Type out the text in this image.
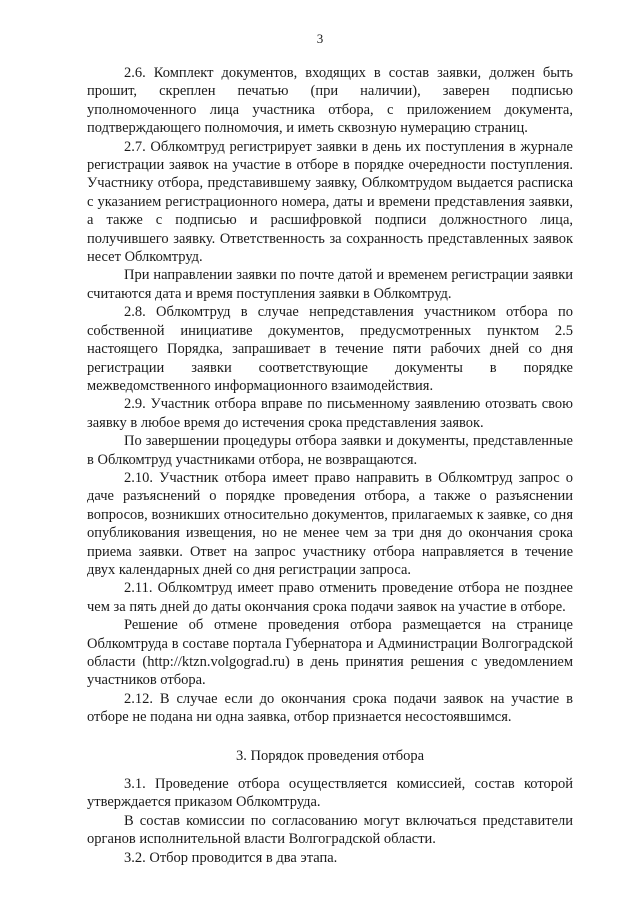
3

2.6. Комплект документов, входящих в состав заявки, должен быть прошит, скреплен печатью (при наличии), заверен подписью уполномоченного лица участника отбора, с приложением документа, подтверждающего полномочия, и иметь сквозную нумерацию страниц.

2.7. Облкомтруд регистрирует заявки в день их поступления в журнале регистрации заявок на участие в отборе в порядке очередности поступления. Участнику отбора, представившему заявку, Облкомтрудом выдается расписка с указанием регистрационного номера, даты и времени представления заявки, а также с подписью и расшифровкой подписи должностного лица, получившего заявку. Ответственность за сохранность представленных заявок несет Облкомтруд.

При направлении заявки по почте датой и временем регистрации заявки считаются дата и время поступления заявки в Облкомтруд.

2.8. Облкомтруд в случае непредставления участником отбора по собственной инициативе документов, предусмотренных пунктом 2.5 настоящего Порядка, запрашивает в течение пяти рабочих дней со дня регистрации заявки соответствующие документы в порядке межведомственного информационного взаимодействия.

2.9. Участник отбора вправе по письменному заявлению отозвать свою заявку в любое время до истечения срока представления заявок.

По завершении процедуры отбора заявки и документы, представленные в Облкомтруд участниками отбора, не возвращаются.

2.10. Участник отбора имеет право направить в Облкомтруд запрос о даче разъяснений о порядке проведения отбора, а также о разъяснении вопросов, возникших относительно документов, прилагаемых к заявке, со дня опубликования извещения, но не менее чем за три дня до окончания срока приема заявки. Ответ на запрос участнику отбора направляется в течение двух календарных дней со дня регистрации запроса.

2.11. Облкомтруд имеет право отменить проведение отбора не позднее чем за пять дней до даты окончания срока подачи заявок на участие в отборе.

Решение об отмене проведения отбора размещается на странице Облкомтруда в составе портала Губернатора и Администрации Волгоградской области (http://ktzn.volgograd.ru) в день принятия решения с уведомлением участников отбора.

2.12. В случае если до окончания срока подачи заявок на участие в отборе не подана ни одна заявка, отбор признается несостоявшимся.

3. Порядок проведения отбора

3.1. Проведение отбора осуществляется комиссией, состав которой утверждается приказом Облкомтруда.

В состав комиссии по согласованию могут включаться представители органов исполнительной власти Волгоградской области.

3.2. Отбор проводится в два этапа.
